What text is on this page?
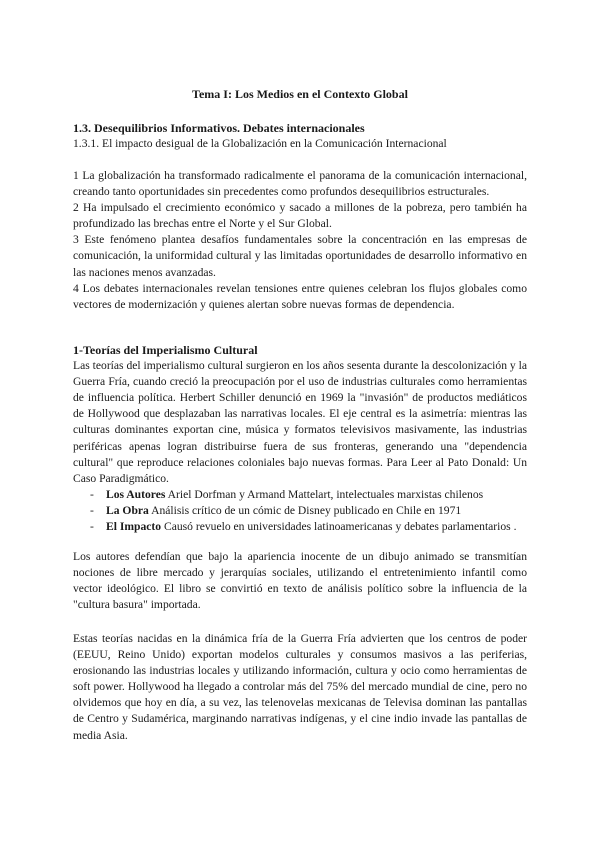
Tema I: Los Medios en el Contexto Global

1.3. Desequilibrios Informativos. Debates internacionales

1.3.1. El impacto desigual de la Globalización en la Comunicación Internacional

1 La globalización ha transformado radicalmente el panorama de la comunicación internacional, creando tanto oportunidades sin precedentes como profundos desequilibrios estructurales.

2 Ha impulsado el crecimiento económico y sacado a millones de la pobreza, pero también ha profundizado las brechas entre el Norte y el Sur Global.

3 Este fenómeno plantea desafíos fundamentales sobre la concentración en las empresas de comunicación, la uniformidad cultural y las limitadas oportunidades de desarrollo informativo en las naciones menos avanzadas.

4 Los debates internacionales revelan tensiones entre quienes celebran los flujos globales como vectores de modernización y quienes alertan sobre nuevas formas de dependencia.

1-Teorías del Imperialismo Cultural

Las teorías del imperialismo cultural surgieron en los años sesenta durante la descolonización y la Guerra Fría, cuando creció la preocupación por el uso de industrias culturales como herramientas de influencia política. Herbert Schiller denunció en 1969 la "invasión" de productos mediáticos de Hollywood que desplazaban las narrativas locales. El eje central es la asimetría: mientras las culturas dominantes exportan cine, música y formatos televisivos masivamente, las industrias periféricas apenas logran distribuirse fuera de sus fronteras, generando una "dependencia cultural" que reproduce relaciones coloniales bajo nuevas formas. Para Leer al Pato Donald: Un Caso Paradigmático.

- Los Autores Ariel Dorfman y Armand Mattelart, intelectuales marxistas chilenos
- La Obra Análisis crítico de un cómic de Disney publicado en Chile en 1971
- El Impacto Causó revuelo en universidades latinoamericanas y debates parlamentarios .

Los autores defendían que bajo la apariencia inocente de un dibujo animado se transmitían nociones de libre mercado y jerarquías sociales, utilizando el entretenimiento infantil como vector ideológico. El libro se convirtió en texto de análisis político sobre la influencia de la "cultura basura" importada.

Estas teorías nacidas en la dinámica fría de la Guerra Fría advierten que los centros de poder (EEUU, Reino Unido) exportan modelos culturales y consumos masivos a las periferias, erosionando las industrias locales y utilizando información, cultura y ocio como herramientas de soft power. Hollywood ha llegado a controlar más del 75% del mercado mundial de cine, pero no olvidemos que hoy en día, a su vez, las telenovelas mexicanas de Televisa dominan las pantallas de Centro y Sudamérica, marginando narrativas indígenas, y el cine indio invade las pantallas de media Asia.
